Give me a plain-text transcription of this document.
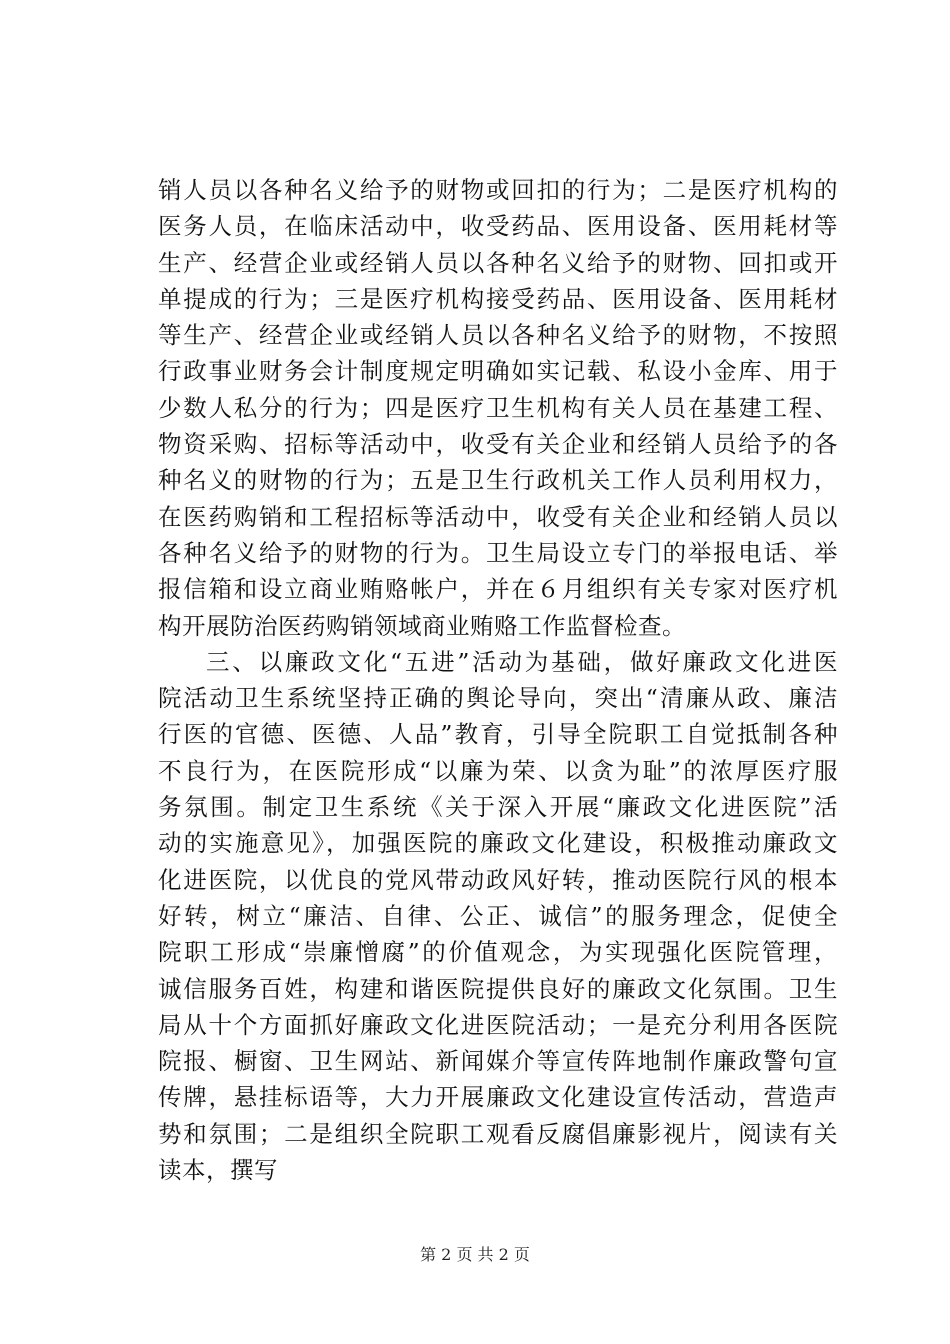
销人员以各种名义给予的财物或回扣的行为；二是医疗机构的
医务人员，在临床活动中，收受药品、医用设备、医用耗材等
生产、经营企业或经销人员以各种名义给予的财物、回扣或开
单提成的行为；三是医疗机构接受药品、医用设备、医用耗材
等生产、经营企业或经销人员以各种名义给予的财物，不按照
行政事业财务会计制度规定明确如实记载、私设小金库、用于
少数人私分的行为；四是医疗卫生机构有关人员在基建工程、
物资采购、招标等活动中，收受有关企业和经销人员给予的各
种名义的财物的行为；五是卫生行政机关工作人员利用权力，
在医药购销和工程招标等活动中，收受有关企业和经销人员以
各种名义给予的财物的行为。卫生局设立专门的举报电话、举
报信箱和设立商业贿赂帐户，并在６月组织有关专家对医疗机
构开展防治医药购销领域商业贿赂工作监督检查。
三、以廉政文化“五进”活动为基础，做好廉政文化进医
院活动卫生系统坚持正确的舆论导向，突出“清廉从政、廉洁
行医的官德、医德、人品”教育，引导全院职工自觉抵制各种
不良行为，在医院形成“以廉为荣、以贪为耻”的浓厚医疗服
务氛围。制定卫生系统《关于深入开展“廉政文化进医院”活
动的实施意见》，加强医院的廉政文化建设，积极推动廉政文
化进医院，以优良的党风带动政风好转，推动医院行风的根本
好转，树立“廉洁、自律、公正、诚信”的服务理念，促使全
院职工形成“崇廉憎腐”的价值观念，为实现强化医院管理，
诚信服务百姓，构建和谐医院提供良好的廉政文化氛围。卫生
局从十个方面抓好廉政文化进医院活动；一是充分利用各医院
院报、橱窗、卫生网站、新闻媒介等宣传阵地制作廉政警句宣
传牌，悬挂标语等，大力开展廉政文化建设宣传活动，营造声
势和氛围；二是组织全院职工观看反腐倡廉影视片，阅读有关
读本，撰写
第 2 页 共 2 页
